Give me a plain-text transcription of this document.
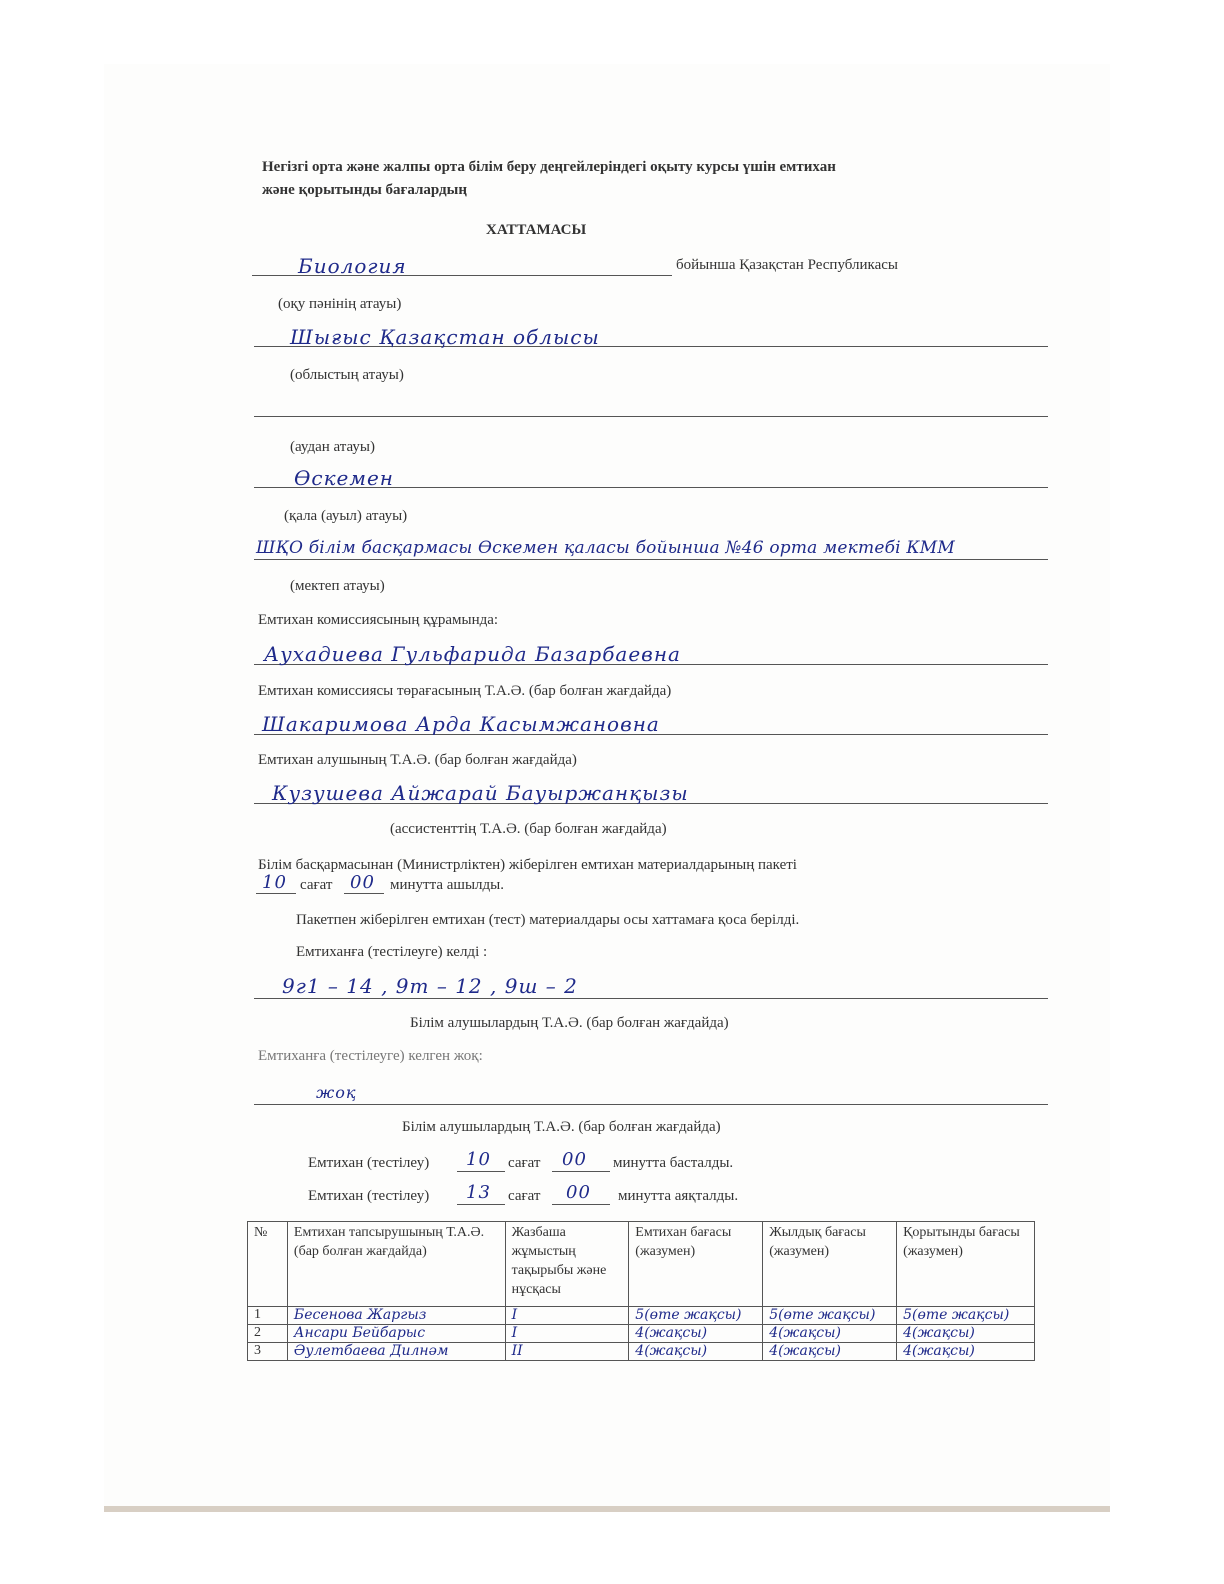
Негізгі орта және жалпы орта білім беру деңгейлеріндегі оқыту курсы үшін емтихан
және қорытынды бағалардың
ХАТТАМАСЫ
Биология	бойынша Қазақстан Республикасы
(оқу пәнінің атауы)
Шығыс Қазақстан облысы
(облыстың атауы)
(аудан атауы)
Өскемен
(қала (ауыл) атауы)
ШҚО білім басқармасы Өскемен қаласы бойынша №46 орта мектебі КММ
(мектеп атауы)
Емтихан комиссиясының құрамында:
Аухадиева Гульфарида Базарбаевна
Емтихан комиссиясы төрағасының Т.А.Ә. (бар болған жағдайда)
Шакаримова Арда Касымжановна
Емтихан алушының Т.А.Ә. (бар болған жағдайда)
Кузушева Айжарай Бауыржанқызы
(ассистенттің Т.А.Ә. (бар болған жағдайда)
Білім басқармасынан (Министрліктен) жіберілген емтихан материалдарының пакеті
10 сағат 00 минутта ашылды.
Пакетпен жіберілген емтихан (тест) материалдары осы хаттамаға қоса берілді.
Емтиханға (тестілеуге) келді :
9г1 – 14 , 9т – 12 , 9ш – 2
Білім алушылардың Т.А.Ә. (бар болған жағдайда)
Емтиханға (тестілеуге) келген жоқ:
жоқ
Білім алушылардың Т.А.Ә. (бар болған жағдайда)
Емтихан (тестілеу) 10 сағат 00 минутта басталды.
Емтихан (тестілеу) 13 сағат 00 минутта аяқталды.
№	Емтихан тапсырушының Т.А.Ә. (бар болған жағдайда)	Жазбаша жұмыстың тақырыбы және нұсқасы	Емтихан бағасы (жазумен)	Жылдық бағасы (жазумен)	Қорытынды бағасы (жазумен)
1	Бесенова Жаргыз	I	5(өте жақсы)	5(өте жақсы)	5(өте жақсы)
2	Ансари Бейбарыс	I	4(жақсы)	4(жақсы)	4(жақсы)
3	Әулетбаева Дилнәм	II	4(жақсы)	4(жақсы)	4(жақсы)
